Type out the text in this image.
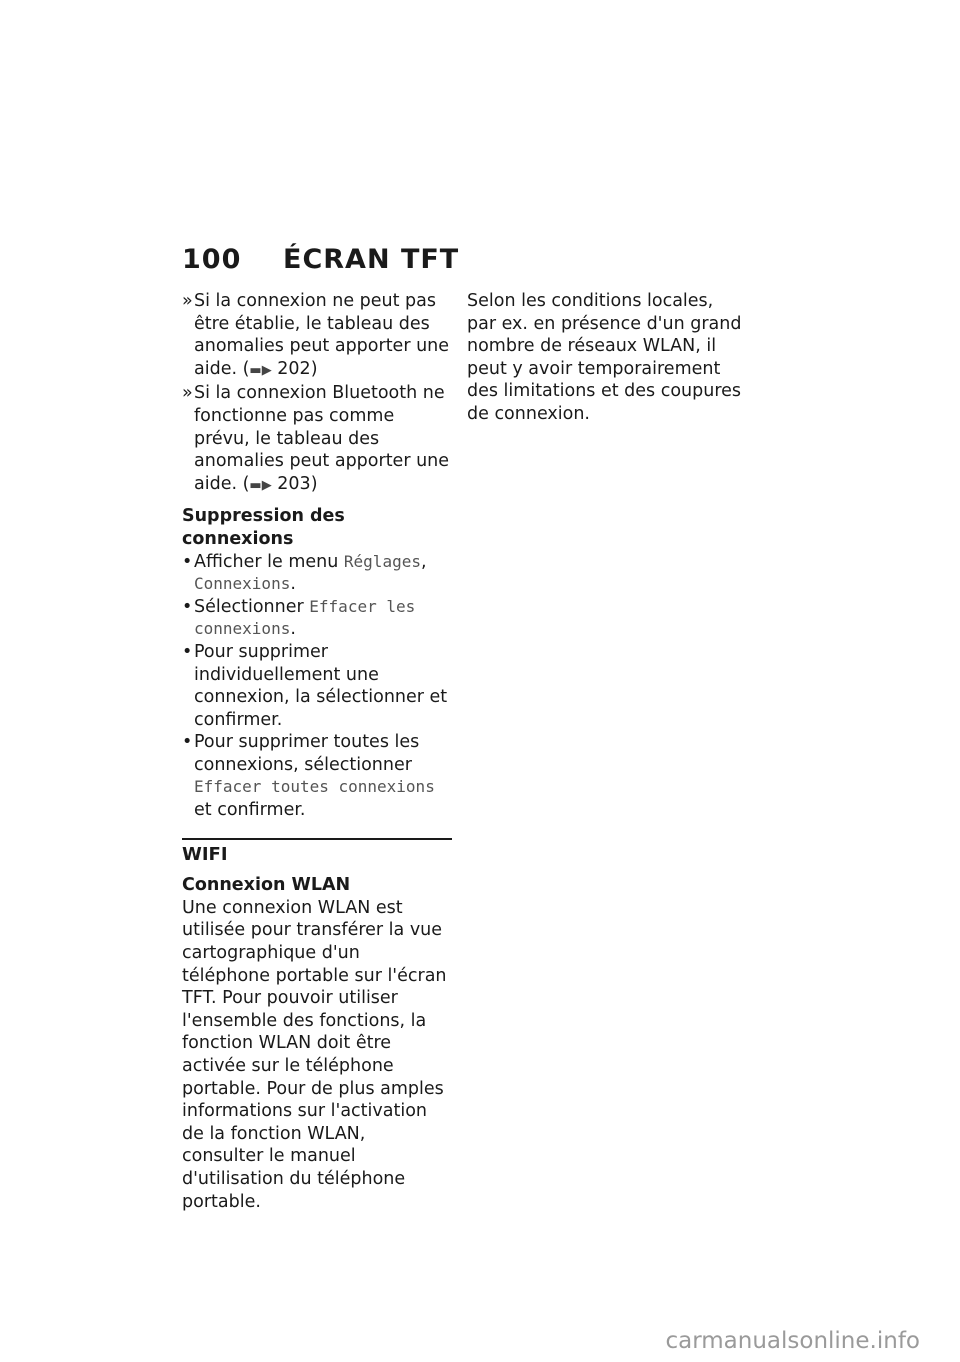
100 ÉCRAN TFT
» Si la connexion ne peut pas être établie, le tableau des anomalies peut apporter une aide. (▬▶ 202)
» Si la connexion Bluetooth ne fonctionne pas comme prévu, le tableau des anomalies peut apporter une aide. (▬▶ 203)
Suppression des connexions
• Afficher le menu Réglages, Connexions.
• Sélectionner Effacer les connexions.
• Pour supprimer individuellement une connexion, la sélectionner et confirmer.
• Pour supprimer toutes les connexions, sélectionner Effacer toutes connexions et confirmer.
WIFI
Connexion WLAN

Une connexion WLAN est utilisée pour transférer la vue cartographique d'un téléphone portable sur l'écran TFT. Pour pouvoir utiliser l'ensemble des fonctions, la fonction WLAN doit être activée sur le téléphone portable. Pour de plus amples informations sur l'activation de la fonction WLAN, consulter le manuel d'utilisation du téléphone portable.

Selon les conditions locales, par ex. en présence d'un grand nombre de réseaux WLAN, il peut y avoir temporairement des limitations et des coupures de connexion.

carmanualsonline.info
